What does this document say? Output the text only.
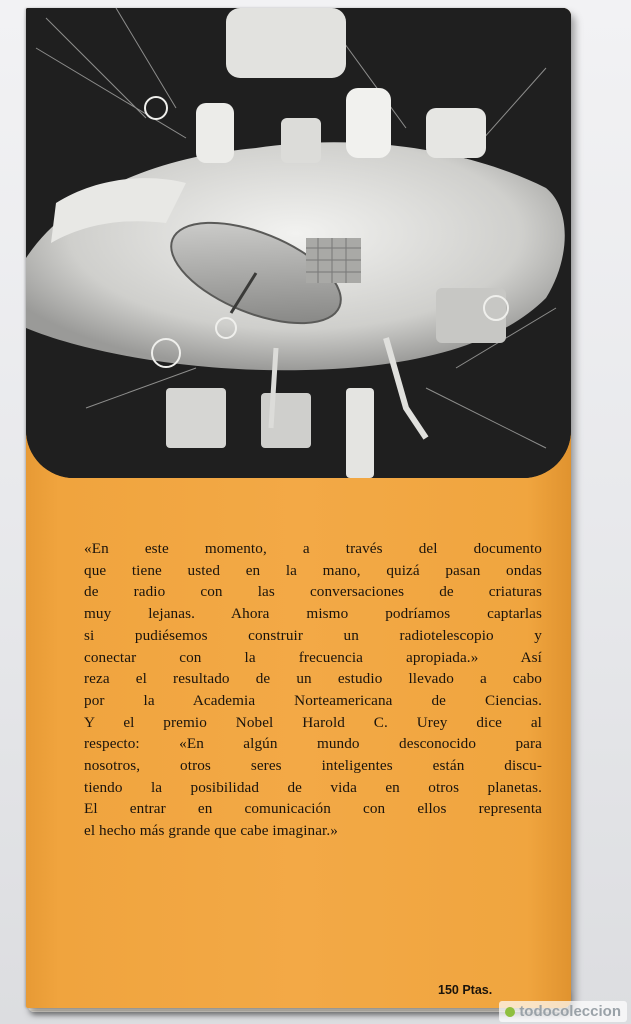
«En este momento, a través del documento
que tiene usted en la mano, quizá pasan ondas
de radio con las conversaciones de criaturas
muy lejanas. Ahora mismo podríamos captarlas
si pudiésemos construir un radiotelescopio y
conectar con la frecuencia apropiada.» Así
reza el resultado de un estudio llevado a cabo
por la Academia Norteamericana de Ciencias.
Y el premio Nobel Harold C. Urey dice al
respecto: «En algún mundo desconocido para
nosotros, otros seres inteligentes están discu-
tiendo la posibilidad de vida en otros planetas.
El entrar en comunicación con ellos representa
el hecho más grande que cabe imaginar.»
150 Ptas.
todocoleccion
